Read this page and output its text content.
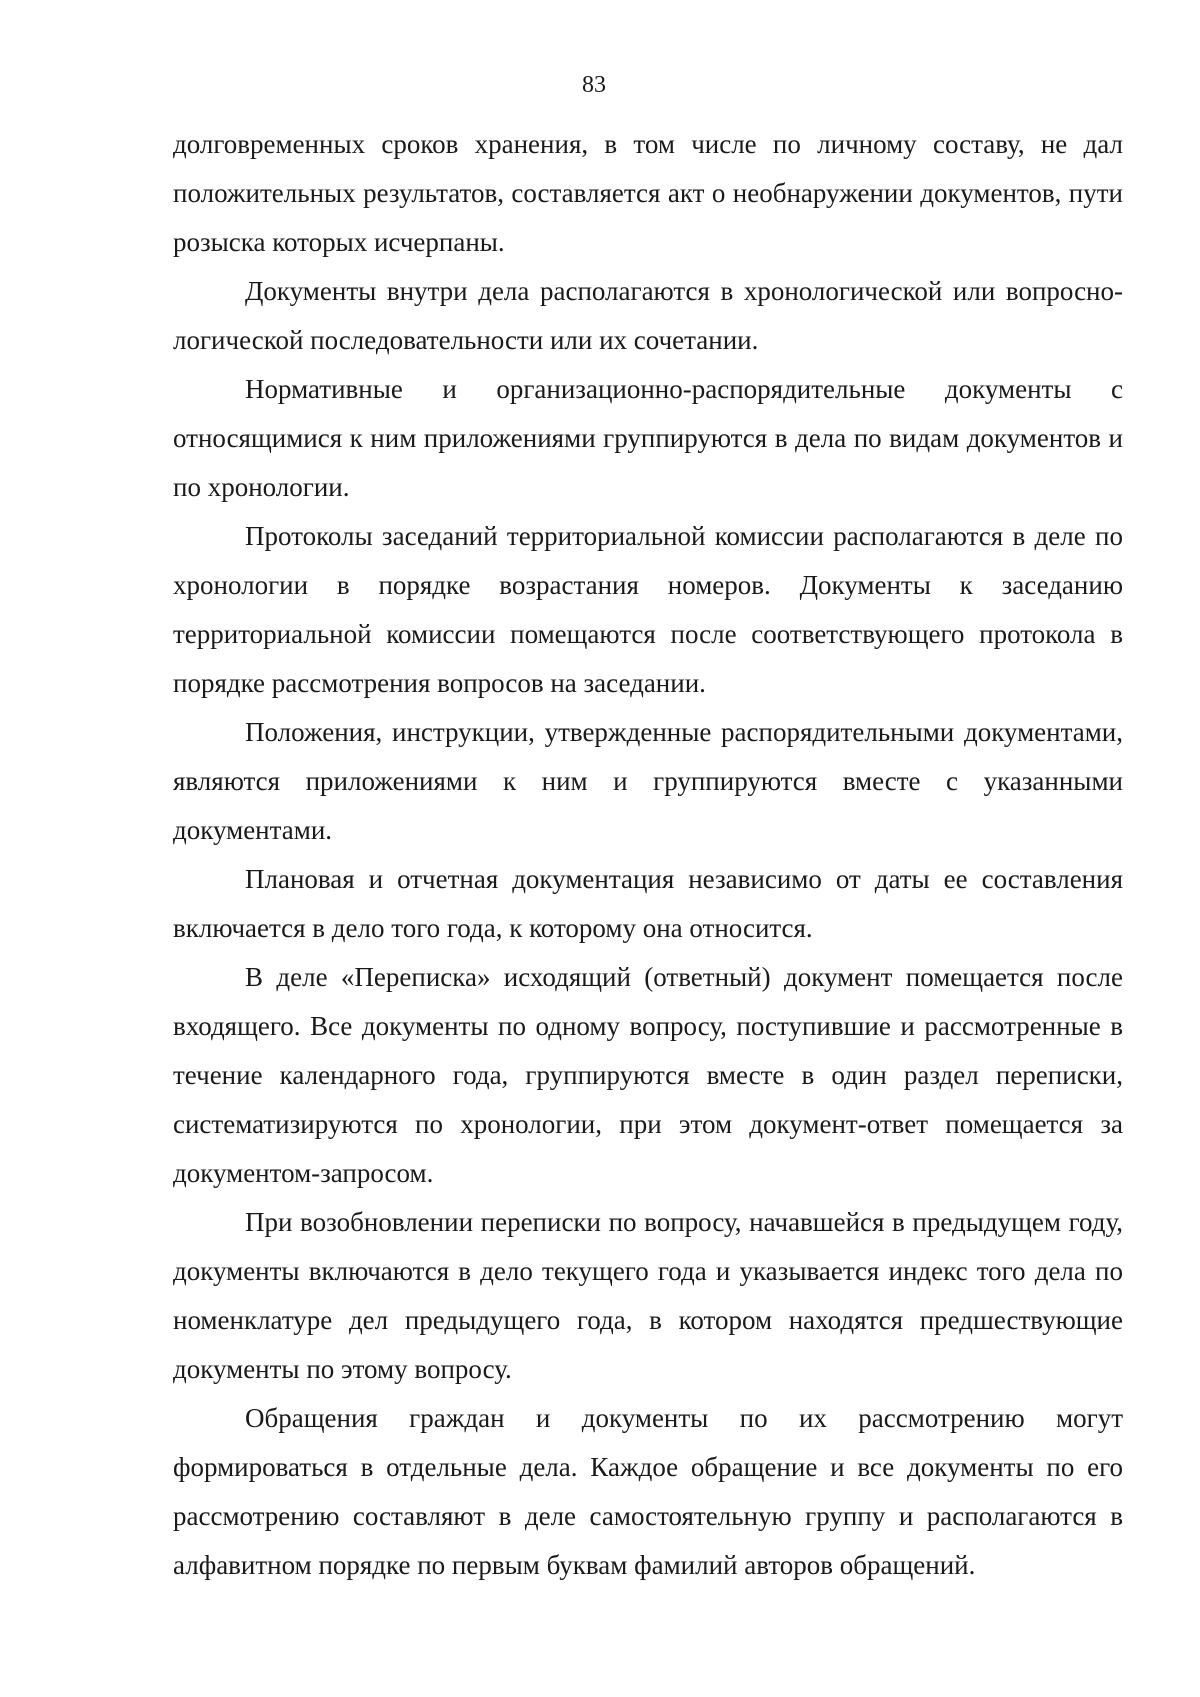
83

долговременных сроков хранения, в том числе по личному составу, не дал положительных результатов, составляется акт о необнаружении документов, пути розыска которых исчерпаны.

Документы внутри дела располагаются в хронологической или вопросно-логической последовательности или их сочетании.

Нормативные и организационно-распорядительные документы с относящимися к ним приложениями группируются в дела по видам документов и по хронологии.

Протоколы заседаний территориальной комиссии располагаются в деле по хронологии в порядке возрастания номеров. Документы к заседанию территориальной комиссии помещаются после соответствующего протокола в порядке рассмотрения вопросов на заседании.

Положения, инструкции, утвержденные распорядительными документами, являются приложениями к ним и группируются вместе с указанными документами.

Плановая и отчетная документация независимо от даты ее составления включается в дело того года, к которому она относится.

В деле «Переписка» исходящий (ответный) документ помещается после входящего. Все документы по одному вопросу, поступившие и рассмотренные в течение календарного года, группируются вместе в один раздел переписки, систематизируются по хронологии, при этом документ-ответ помещается за документом-запросом.

При возобновлении переписки по вопросу, начавшейся в предыдущем году, документы включаются в дело текущего года и указывается индекс того дела по номенклатуре дел предыдущего года, в котором находятся предшествующие документы по этому вопросу.

Обращения граждан и документы по их рассмотрению могут формироваться в отдельные дела. Каждое обращение и все документы по его рассмотрению составляют в деле самостоятельную группу и располагаются в алфавитном порядке по первым буквам фамилий авторов обращений.
